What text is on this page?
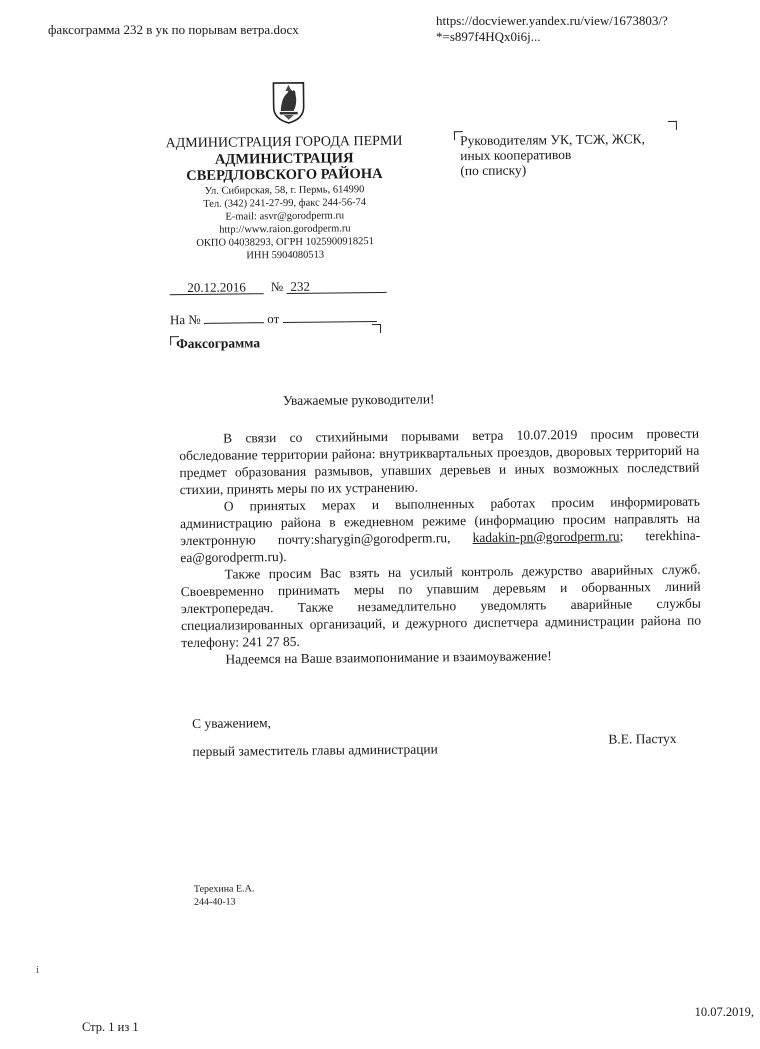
факсограмма 232 в ук по порывам ветра.docx
https://docviewer.yandex.ru/view/1673803/?*=s897f4HQx0i6j...
АДМИНИСТРАЦИЯ ГОРОДА ПЕРМИ
АДМИНИСТРАЦИЯ
СВЕРДЛОВСКОГО РАЙОНА
Ул. Сибирская, 58, г. Пермь, 614990
Тел. (342) 241-27-99, факс 244-56-74
E-mail: asvr@gorodperm.ru
http://www.raion.gorodperm.ru
ОКПО 04038293, ОГРН 1025900918251
ИНН 5904080513
20.12.2016 № 232
На №	от
Факсограмма
Руководителям УК, ТСЖ, ЖСК,
иных кооперативов
(по списку)
Уважаемые руководители!

В связи со стихийными порывами ветра 10.07.2019 просим провести обследование территории района: внутриквартальных проездов, дворовых территорий на предмет образования размывов, упавших деревьев и иных возможных последствий стихии, принять меры по их устранению.

О принятых мерах и выполненных работах просим информировать администрацию района в ежедневном режиме (информацию просим направлять на электронную почту:sharygin@gorodperm.ru, kadakin-pn@gorodperm.ru; terekhina-ea@gorodperm.ru).

Также просим Вас взять на усилый контроль дежурство аварийных служб. Своевременно принимать меры по упавшим деревьям и оборванных линий электропередач. Также незамедлительно уведомлять аварийные службы специализированных организаций, и дежурного диспетчера администрации района по телефону: 241 27 85.

Надеемся на Ваше взаимопонимание и взаимоуважение!

С уважением,
первый заместитель главы администрации
В.Е. Пастух
Терехина Е.А.
244-40-13
i
10.07.2019,
Стр. 1 из 1
